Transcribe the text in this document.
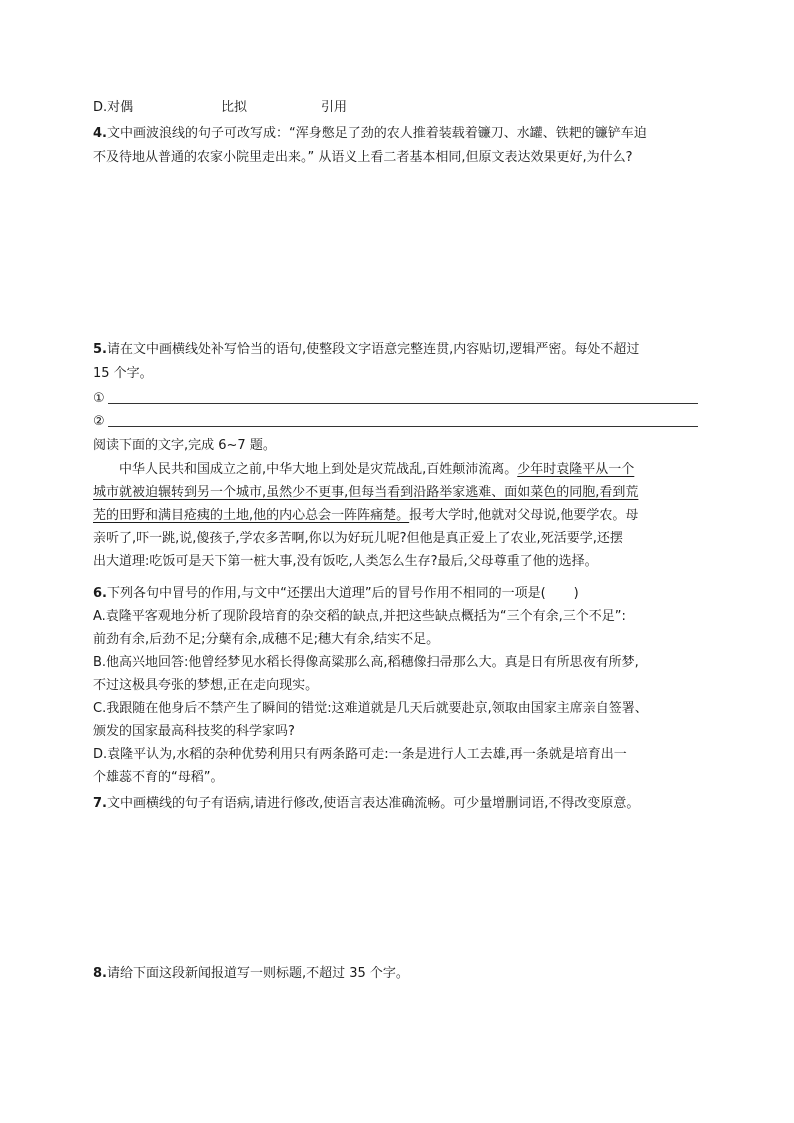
D.对偶	比拟	引用
4.文中画波浪线的句子可改写成：“浑身憋足了劲的农人推着装载着镰刀、水罐、铁耙的镰铲车迫
不及待地从普通的农家小院里走出来。” 从语义上看二者基本相同,但原文表达效果更好,为什么?
5.请在文中画横线处补写恰当的语句,使整段文字语意完整连贯,内容贴切,逻辑严密。每处不超过
15 个字。
①
②
阅读下面的文字,完成 6~7 题。

中华人民共和国成立之前,中华大地上到处是灾荒战乱,百姓颠沛流离。少年时袁隆平从一个

城市就被迫辗转到另一个城市,虽然少不更事,但每当看到沿路举家逃难、面如菜色的同胞,看到荒

芜的田野和满目疮痍的土地,他的内心总会一阵阵痛楚。报考大学时,他就对父母说,他要学农。母

亲听了,吓一跳,说,傻孩子,学农多苦啊,你以为好玩儿呢?但他是真正爱上了农业,死活要学,还摆

出大道理:吃饭可是天下第一桩大事,没有饭吃,人类怎么生存?最后,父母尊重了他的选择。

6.下列各句中冒号的作用,与文中“还摆出大道理”后的冒号作用不相同的一项是( )
A.袁隆平客观地分析了现阶段培育的杂交稻的缺点,并把这些缺点概括为“三个有余,三个不足”:
前劲有余,后劲不足;分蘖有余,成穗不足;穗大有余,结实不足。
B.他高兴地回答:他曾经梦见水稻长得像高粱那么高,稻穗像扫帚那么大。真是日有所思夜有所梦,
不过这极具夸张的梦想,正在走向现实。
C.我跟随在他身后不禁产生了瞬间的错觉:这难道就是几天后就要赴京,领取由国家主席亲自签署、
颁发的国家最高科技奖的科学家吗?
D.袁隆平认为,水稻的杂种优势利用只有两条路可走:一条是进行人工去雄,再一条就是培育出一
个雄蕊不育的“母稻”。
7.文中画横线的句子有语病,请进行修改,使语言表达准确流畅。可少量增删词语,不得改变原意。
8.请给下面这段新闻报道写一则标题,不超过 35 个字。
